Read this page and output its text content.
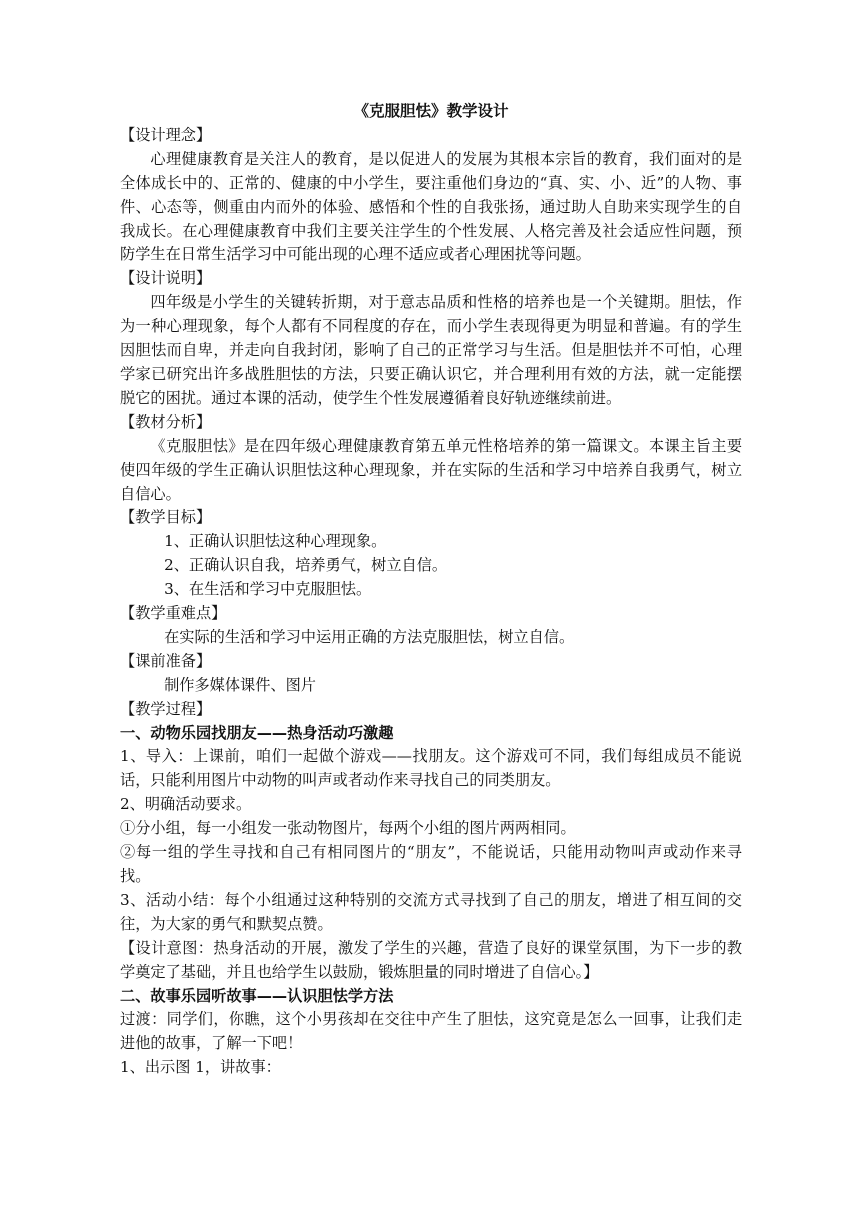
《克服胆怯》教学设计

【设计理念】

心理健康教育是关注人的教育，是以促进人的发展为其根本宗旨的教育，我们面对的是全体成长中的、正常的、健康的中小学生，要注重他们身边的“真、实、小、近”的人物、事件、心态等，侧重由内而外的体验、感悟和个性的自我张扬，通过助人自助来实现学生的自我成长。在心理健康教育中我们主要关注学生的个性发展、人格完善及社会适应性问题，预防学生在日常生活学习中可能出现的心理不适应或者心理困扰等问题。

【设计说明】

四年级是小学生的关键转折期，对于意志品质和性格的培养也是一个关键期。胆怯，作为一种心理现象，每个人都有不同程度的存在，而小学生表现得更为明显和普遍。有的学生因胆怯而自卑，并走向自我封闭，影响了自己的正常学习与生活。但是胆怯并不可怕，心理学家已研究出许多战胜胆怯的方法，只要正确认识它，并合理利用有效的方法，就一定能摆脱它的困扰。通过本课的活动，使学生个性发展遵循着良好轨迹继续前进。

【教材分析】

《克服胆怯》是在四年级心理健康教育第五单元性格培养的第一篇课文。本课主旨主要使四年级的学生正确认识胆怯这种心理现象，并在实际的生活和学习中培养自我勇气，树立自信心。

【教学目标】

1、正确认识胆怯这种心理现象。

2、正确认识自我，培养勇气，树立自信。

3、在生活和学习中克服胆怯。

【教学重难点】

在实际的生活和学习中运用正确的方法克服胆怯，树立自信。

【课前准备】

制作多媒体课件、图片

【教学过程】

一、动物乐园找朋友——热身活动巧激趣

1、导入：上课前，咱们一起做个游戏——找朋友。这个游戏可不同，我们每组成员不能说话，只能利用图片中动物的叫声或者动作来寻找自己的同类朋友。

2、明确活动要求。

①分小组，每一小组发一张动物图片，每两个小组的图片两两相同。

②每一组的学生寻找和自己有相同图片的“朋友”，不能说话，只能用动物叫声或动作来寻找。

3、活动小结：每个小组通过这种特别的交流方式寻找到了自己的朋友，增进了相互间的交往，为大家的勇气和默契点赞。

【设计意图：热身活动的开展，激发了学生的兴趣，营造了良好的课堂氛围，为下一步的教学奠定了基础，并且也给学生以鼓励，锻炼胆量的同时增进了自信心。】

二、故事乐园听故事——认识胆怯学方法

过渡：同学们，你瞧，这个小男孩却在交往中产生了胆怯，这究竟是怎么一回事，让我们走进他的故事，了解一下吧！

1、出示图 1，讲故事：
